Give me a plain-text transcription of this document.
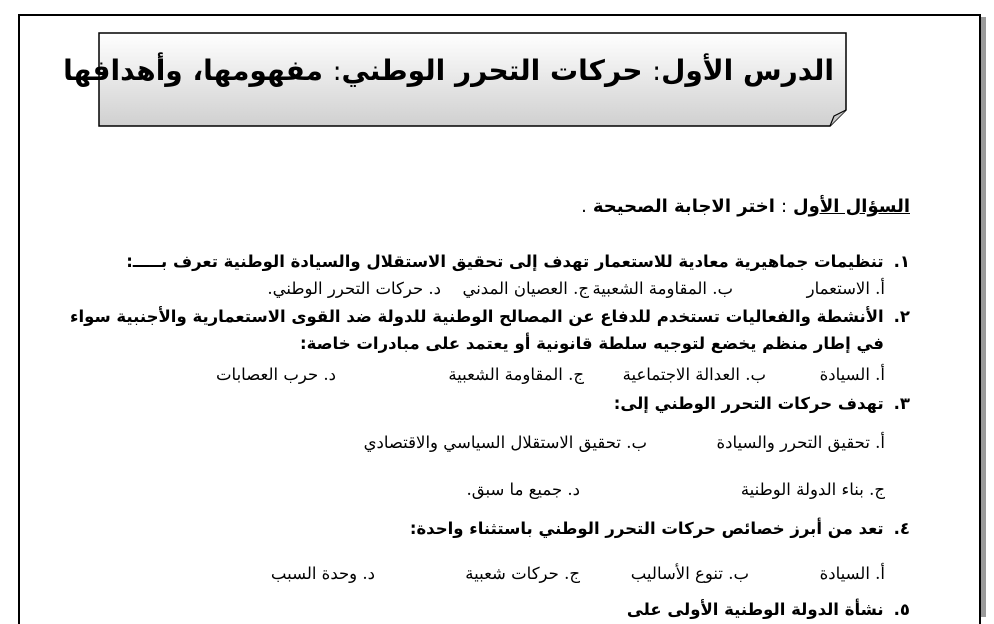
الدرس الأول: حركات التحرر الوطني: مفهومها، وأهدافها
السؤال الأول:اختر الاجابة الصحيحة.
١.تنظيمات جماهيرية معادية للاستعمار تهدف إلى تحقيق الاستقلال والسيادة الوطنية تعرف بـــــ:
أ. الاستعمار
ب. المقاومة الشعبية
ج. العصيان المدني
د. حركات التحرر الوطني.
٢.الأنشطة والفعاليات تستخدم للدفاع عن المصالح الوطنية للدولة ضد القوى الاستعمارية والأجنبية سواء
في إطار منظم يخضع لتوجيه سلطة قانونية أو يعتمد على مبادرات خاصة:
أ. السيادة
ب. العدالة الاجتماعية
ج. المقاومة الشعبية
د. حرب العصابات
٣.تهدف حركات التحرر الوطني إلى:
أ. تحقيق التحرر والسيادة
ب. تحقيق الاستقلال السياسي والاقتصادي
ج. بناء الدولة الوطنية
د. جميع ما سبق.
٤.تعد من أبرز خصائص حركات التحرر الوطني باستثناء واحدة:
أ. السيادة
ب. تنوع الأساليب
ج. حركات شعبية
د. وحدة السبب
٥.نشأة الدولة الوطنية الأولى على
